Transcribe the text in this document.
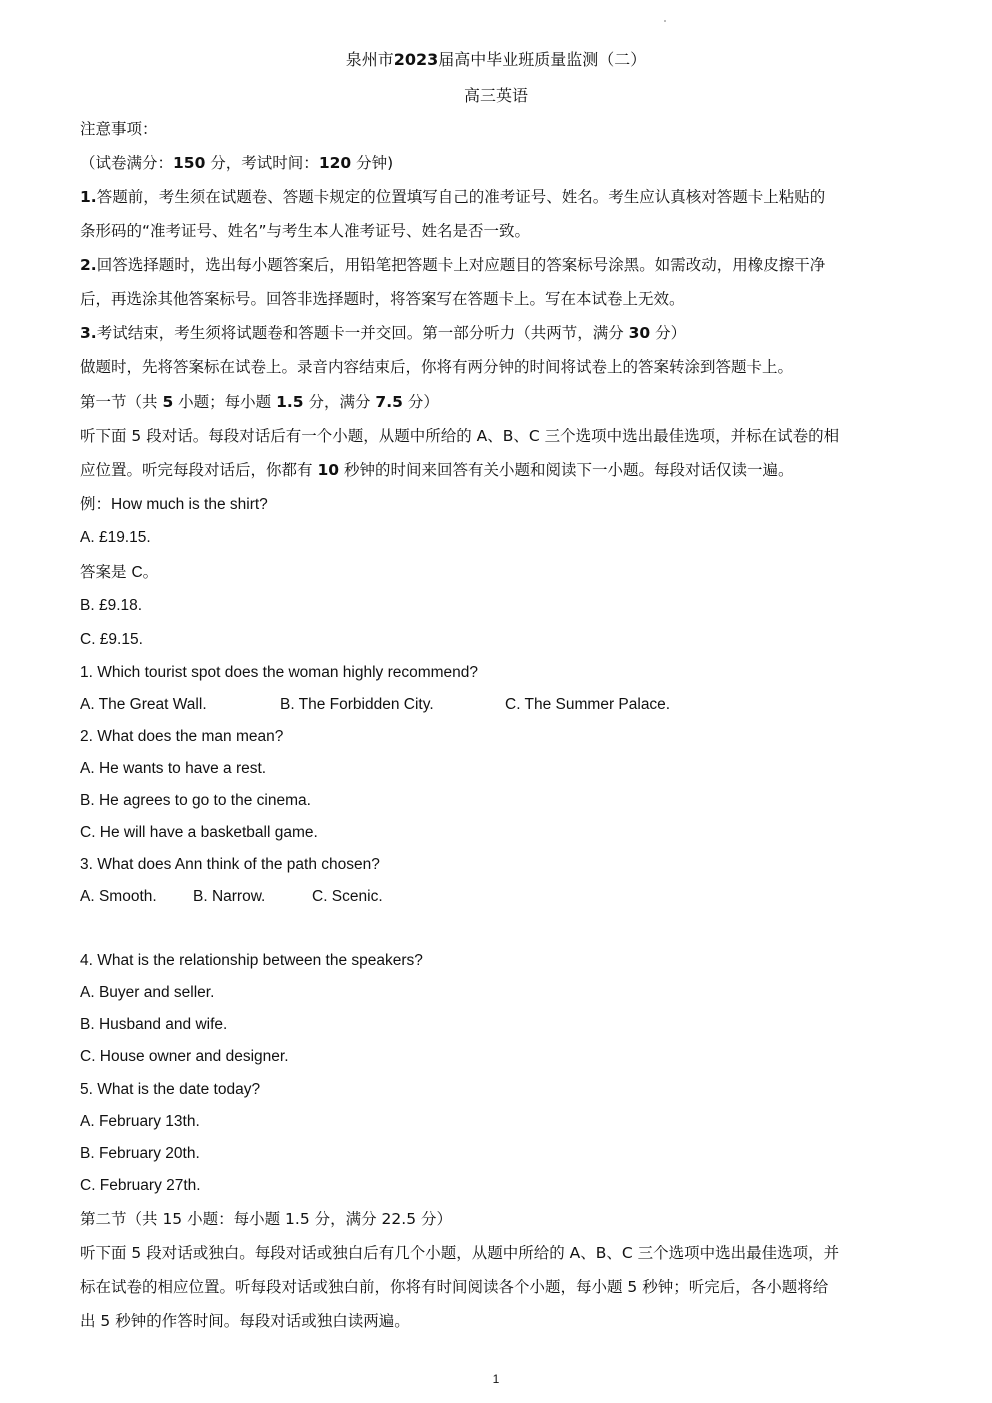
泉州市2023届高中毕业班质量监测（二）
高三英语
注意事项：
（试卷满分：150 分，考试时间：120 分钟)
1.答题前，考生须在试题卷、答题卡规定的位置填写自己的准考证号、姓名。考生应认真核对答题卡上粘贴的
条形码的“准考证号、姓名”与考生本人准考证号、姓名是否一致。
2.回答选择题时，选出每小题答案后，用铅笔把答题卡上对应题目的答案标号涂黑。如需改动，用橡皮擦干净
后，再选涂其他答案标号。回答非选择题时，将答案写在答题卡上。写在本试卷上无效。
3.考试结束，考生须将试题卷和答题卡一并交回。第一部分听力（共两节，满分 30 分）
做题时，先将答案标在试卷上。录音内容结束后，你将有两分钟的时间将试卷上的答案转涂到答题卡上。
第一节（共 5 小题；每小题 1.5 分，满分 7.5 分）
听下面 5 段对话。每段对话后有一个小题，从题中所给的 A、B、C 三个选项中选出最佳选项，并标在试卷的相
应位置。听完每段对话后，你都有 10 秒钟的时间来回答有关小题和阅读下一小题。每段对话仅读一遍。
例：How much is the shirt?
A. £19.15.
答案是 C。
B. £9.18.
C. £9.15.
1. Which tourist spot does the woman highly recommend?
A. The Great Wall.	B. The Forbidden City.	C. The Summer Palace.
2. What does the man mean?
A. He wants to have a rest.
B. He agrees to go to the cinema.
C. He will have a basketball game.
3. What does Ann think of the path chosen?
A. Smooth. B. Narrow.	C. Scenic.
4. What is the relationship between the speakers?
A. Buyer and seller.
B. Husband and wife.
C. House owner and designer.
5. What is the date today?
A. February 13th.
B. February 20th.
C. February 27th.
第二节（共 15 小题：每小题 1.5 分，满分 22.5 分）
听下面 5 段对话或独白。每段对话或独白后有几个小题，从题中所给的 A、B、C 三个选项中选出最佳选项，并
标在试卷的相应位置。听每段对话或独白前，你将有时间阅读各个小题，每小题 5 秒钟；听完后，各小题将给
出 5 秒钟的作答时间。每段对话或独白读两遍。
1
